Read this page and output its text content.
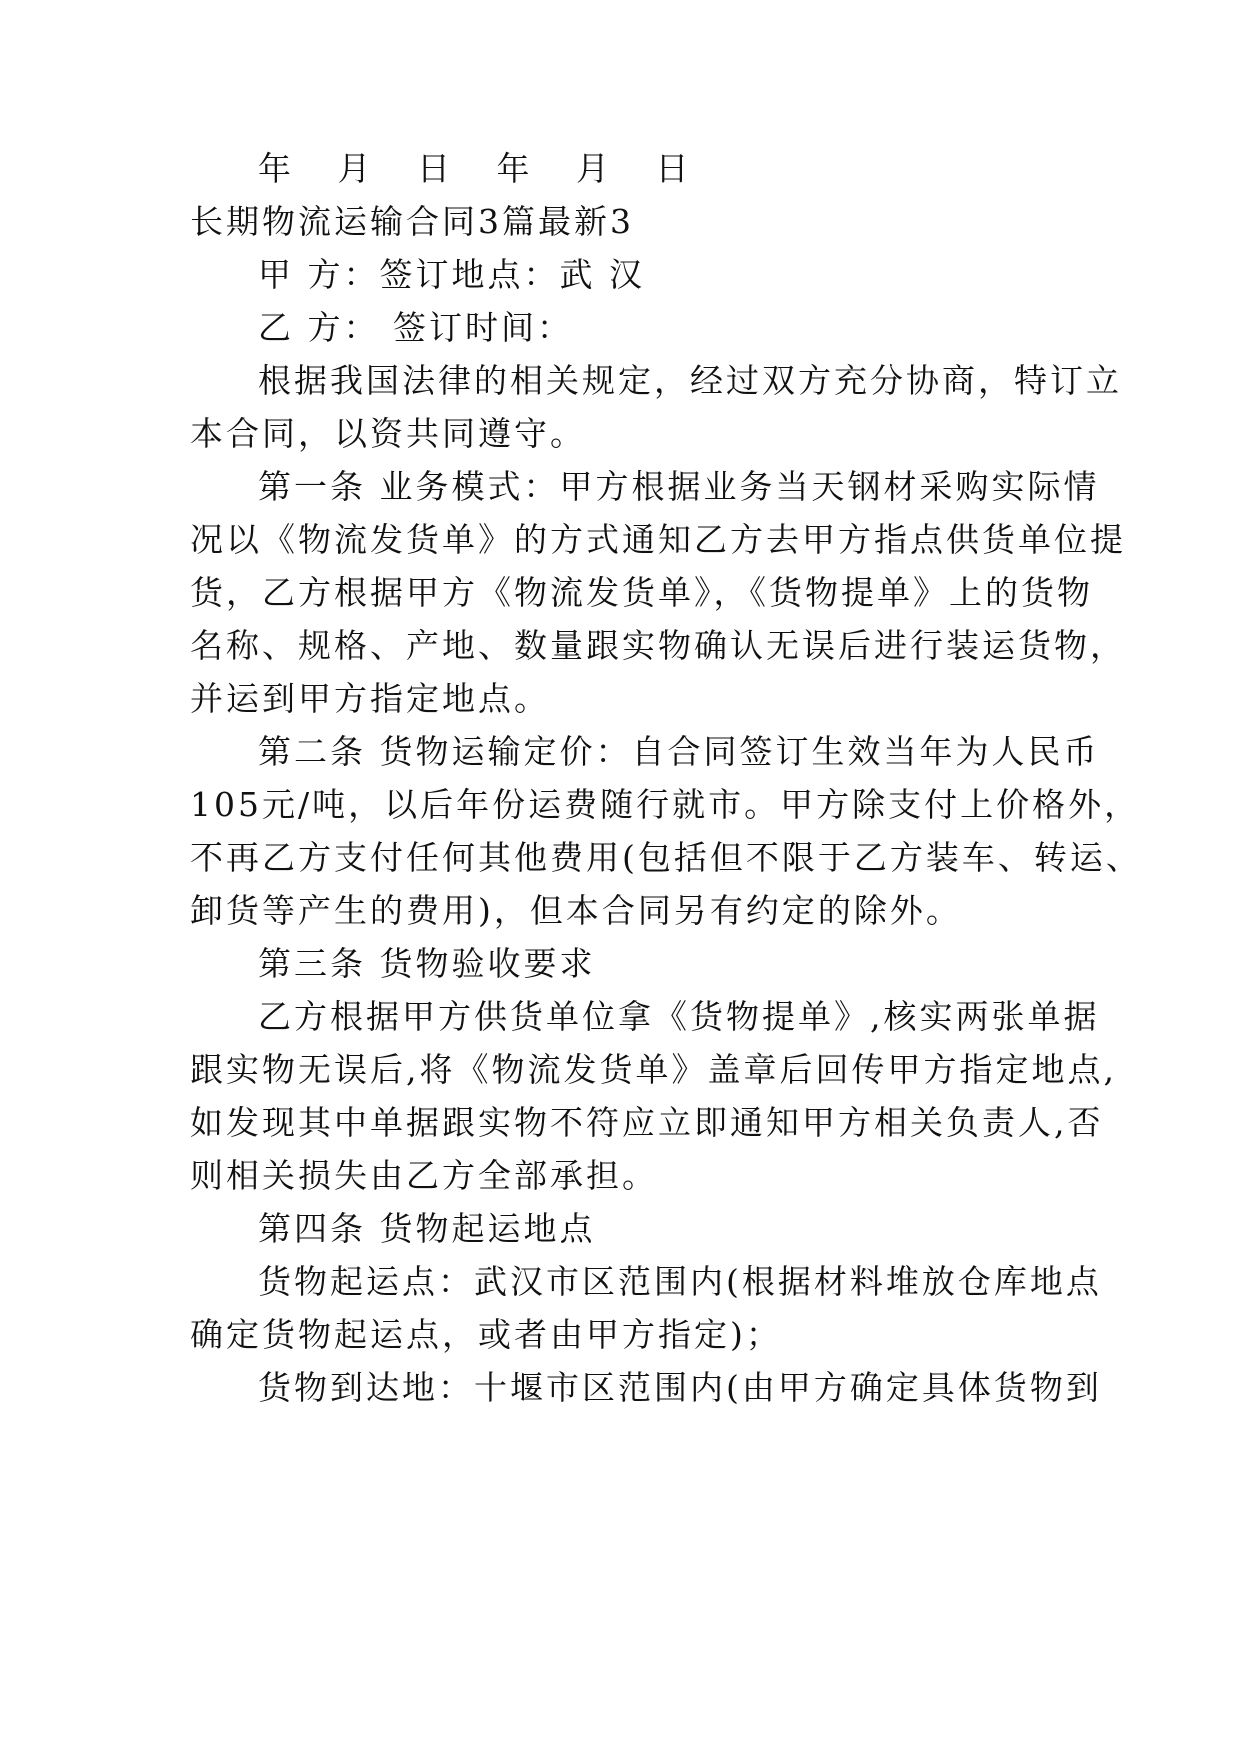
年 月 日 年 月 日
长期物流运输合同3篇最新3
甲 方：签订地点：武 汉
乙 方： 签订时间：
根据我国法律的相关规定，经过双方充分协商，特订立
本合同，以资共同遵守。
第一条 业务模式：甲方根据业务当天钢材采购实际情
况以《物流发货单》的方式通知乙方去甲方指点供货单位提
货，乙方根据甲方《物流发货单》，《货物提单》上的货物
名称、规格、产地、数量跟实物确认无误后进行装运货物，
并运到甲方指定地点。
第二条 货物运输定价：自合同签订生效当年为人民币
105元/吨，以后年份运费随行就市。甲方除支付上价格外，
不再乙方支付任何其他费用(包括但不限于乙方装车、转运、
卸货等产生的费用)，但本合同另有约定的除外。
第三条 货物验收要求
乙方根据甲方供货单位拿《货物提单》,核实两张单据
跟实物无误后,将《物流发货单》盖章后回传甲方指定地点,
如发现其中单据跟实物不符应立即通知甲方相关负责人,否
则相关损失由乙方全部承担。
第四条 货物起运地点
货物起运点：武汉市区范围内(根据材料堆放仓库地点
确定货物起运点，或者由甲方指定)；
货物到达地：十堰市区范围内(由甲方确定具体货物到
